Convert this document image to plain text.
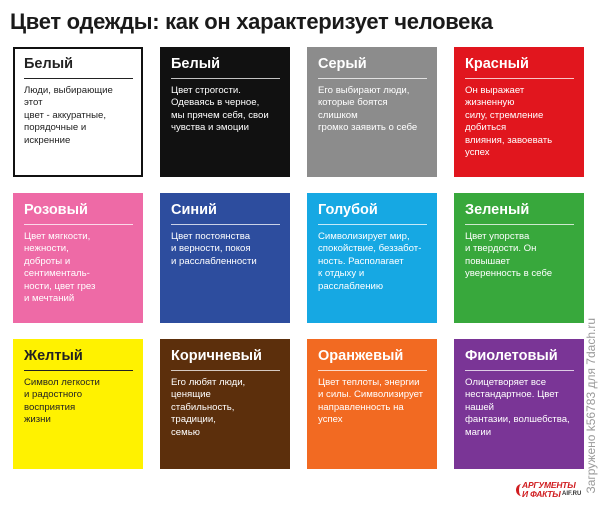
Цвет одежды: как он характеризует человека
Белый
Люди, выбирающие этот
цвет - аккуратные,
порядочные и искренние
Белый
Цвет строгости.
Одеваясь в черное,
мы прячем себя, свои
чувства и эмоции
Серый
Его выбирают люди,
которые боятся слишком
громко заявить о себе
Красный
Он выражает жизненную
силу, стремление добиться
влияния, завоевать успех
Розовый
Цвет мягкости, нежности,
доброты и сентименталь-
ности, цвет грез
и мечтаний
Синий
Цвет постоянства
и верности, покоя
и расслабленности
Голубой
Символизирует мир,
спокойствие, беззабот-
ность. Располагает
к отдыху и расслаблению
Зеленый
Цвет упорства
и твердости. Он повышает
уверенность в себе
Желтый
Символ легкости
и радостного восприятия
жизни
Коричневый
Его любят люди, ценящие
стабильность, традиции,
семью
Оранжевый
Цвет теплоты, энергии
и силы. Символизирует
направленность на успех
Фиолетовый
Олицетворяет все
нестандартное. Цвет нашей
фантазии, волшебства,
магии	Загружено k56783 для 7dach.ru
АРГУМЕНТЫ
И ФАКТЫ AIF.RU
